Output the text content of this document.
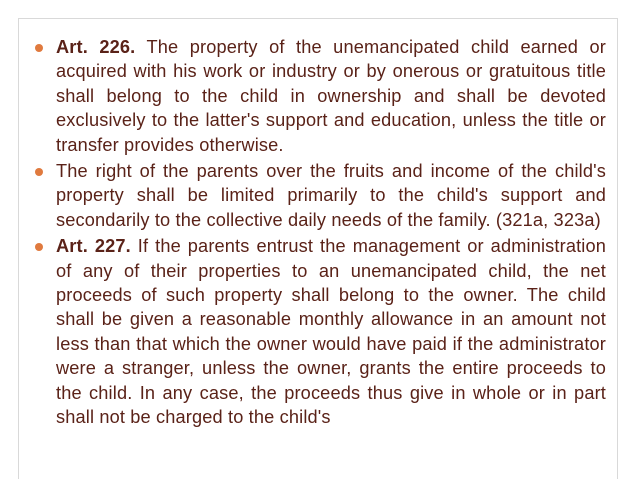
Art. 226. The property of the unemancipated child earned or acquired with his work or industry or by onerous or gratuitous title shall belong to the child in ownership and shall be devoted exclusively to the latter's support and education, unless the title or transfer provides otherwise.
The right of the parents over the fruits and income of the child's property shall be limited primarily to the child's support and secondarily to the collective daily needs of the family. (321a, 323a)
Art. 227. If the parents entrust the management or administration of any of their properties to an unemancipated child, the net proceeds of such property shall belong to the owner. The child shall be given a reasonable monthly allowance in an amount not less than that which the owner would have paid if the administrator were a stranger, unless the owner, grants the entire proceeds to the child. In any case, the proceeds thus give in whole or in part shall not be charged to the child's
